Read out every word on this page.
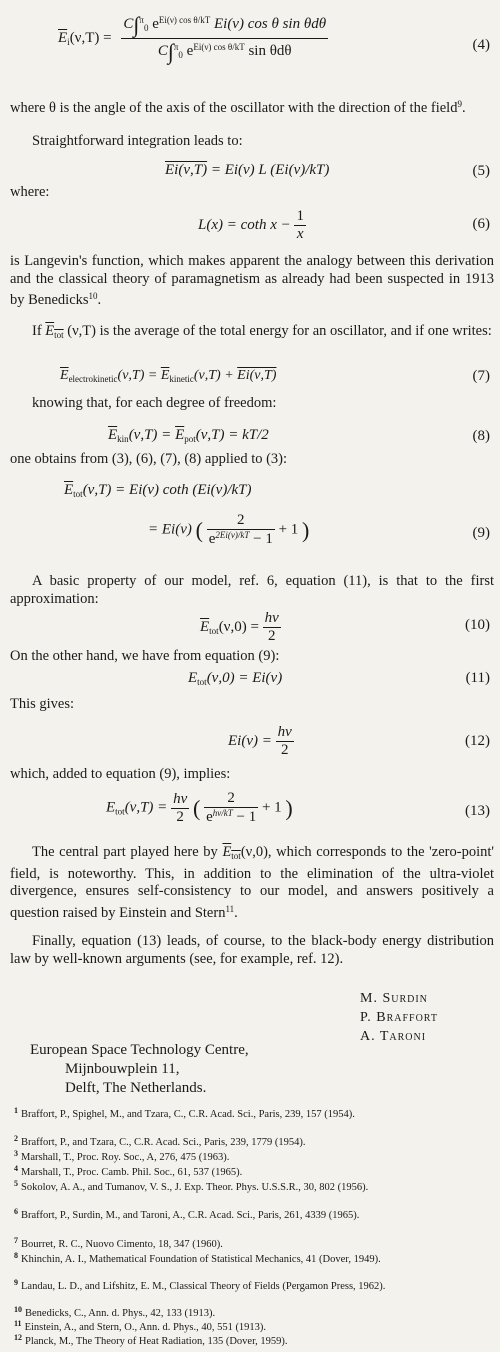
$\overline{E}_i(\nu,T) = \frac{C\int^\pi_0 e^{Ei(\nu) cos \theta/kT} Ei(\nu) \cos \theta \sin \theta d\theta}{C\int^\pi_0 e^{Ei(\nu) cos \theta/kT} \sin \theta d\theta}$	(4)
where θ is the angle of the axis of the oscillator with the direction of the field$^9$.
Straightforward integration leads to:
Ei(ν,T) = Ei(ν) L (Ei(ν)/kT)	(5)
where:
L(x) = coth $x - \frac{1}{x}$	(6)
is Langevin's function, which makes apparent the analogy between this derivation and the classical theory of paramagnetism as already had been suspected in 1913 by Benedicks$^{10}$.
If $E_{tot}$ (ν,T) is the average of the total energy for an oscillator, and if one writes:
$\overline{E}_{electrokinetic}(\nu,T) = \overline{E}_{kinetic}(\nu,T) + Ei(\nu,T)$	(7)
knowing that, for each degree of freedom:
$\overline{E}_{kin}(\nu,T) = \overline{E}_{pot}(\nu,T) = kT/2$	(8)
one obtains from (3), (6), (7), (8) applied to (3):
$\overline{E}_{tot}(\nu,T) = Ei(\nu)$ coth (Ei(ν)/kT)
= Ei(ν) ( $\frac{2}{e^{2Ei(\nu)/kT} - 1} + 1$ )	(9)
A basic property of our model, ref. 6, equation (11), is that to the first approximation:
$\overline{E}_{tot}(\nu,0) = \frac{h\nu}{2}$	(10)
On the other hand, we have from equation (9):
$E_{tot}(\nu,0) = Ei(\nu)$	(11)
This gives:
$Ei(\nu) = \frac{h\nu}{2}$	(12)
which, added to equation (9), implies:
$E_{tot}(\nu,T) = \frac{h\nu}{2}$ ( $\frac{2}{e^{h\nu/kT} - 1} + 1$ )	(13)
The central part played here by $E_{tot}(\nu,0)$, which corresponds to the 'zero-point' field, is noteworthy. This, in addition to the elimination of the ultra-violet divergence, ensures self-consistency to our model, and answers positively a question raised by Einstein and Stern$^{11}$.
Finally, equation (13) leads, of course, to the black-body energy distribution law by well-known arguments (see, for example, ref. 12).
M. Surdin
P. Braffort
A. Taroni
European Space Technology Centre,
Mijnbouwplein 11,
Delft, The Netherlands.
$^1$ Braffort, P., Spighel, M., and Tzara, C., C.R. Acad. Sci., Paris, 239, 157 (1954).
$^2$ Braffort, P., and Tzara, C., C.R. Acad. Sci., Paris, 239, 1779 (1954).
$^3$ Marshall, T., Proc. Roy. Soc., A, 276, 475 (1963).
$^4$ Marshall, T., Proc. Camb. Phil. Soc., 61, 537 (1965).
$^5$ Sokolov, A. A., and Tumanov, V. S., J. Exp. Theor. Phys. U.S.S.R., 30, 802 (1956).
$^6$ Braffort, P., Surdin, M., and Taroni, A., C.R. Acad. Sci., Paris, 261, 4339 (1965).
$^7$ Bourret, R. C., Nuovo Cimento, 18, 347 (1960).
$^8$ Khinchin, A. I., Mathematical Foundation of Statistical Mechanics, 41 (Dover, 1949).
$^9$ Landau, L. D., and Lifshitz, E. M., Classical Theory of Fields (Pergamon Press, 1962).
$^{10}$ Benedicks, C., Ann. d. Phys., 42, 133 (1913).
$^{11}$ Einstein, A., and Stern, O., Ann. d. Phys., 40, 551 (1913).
$^{12}$ Planck, M., The Theory of Heat Radiation, 135 (Dover, 1959).
